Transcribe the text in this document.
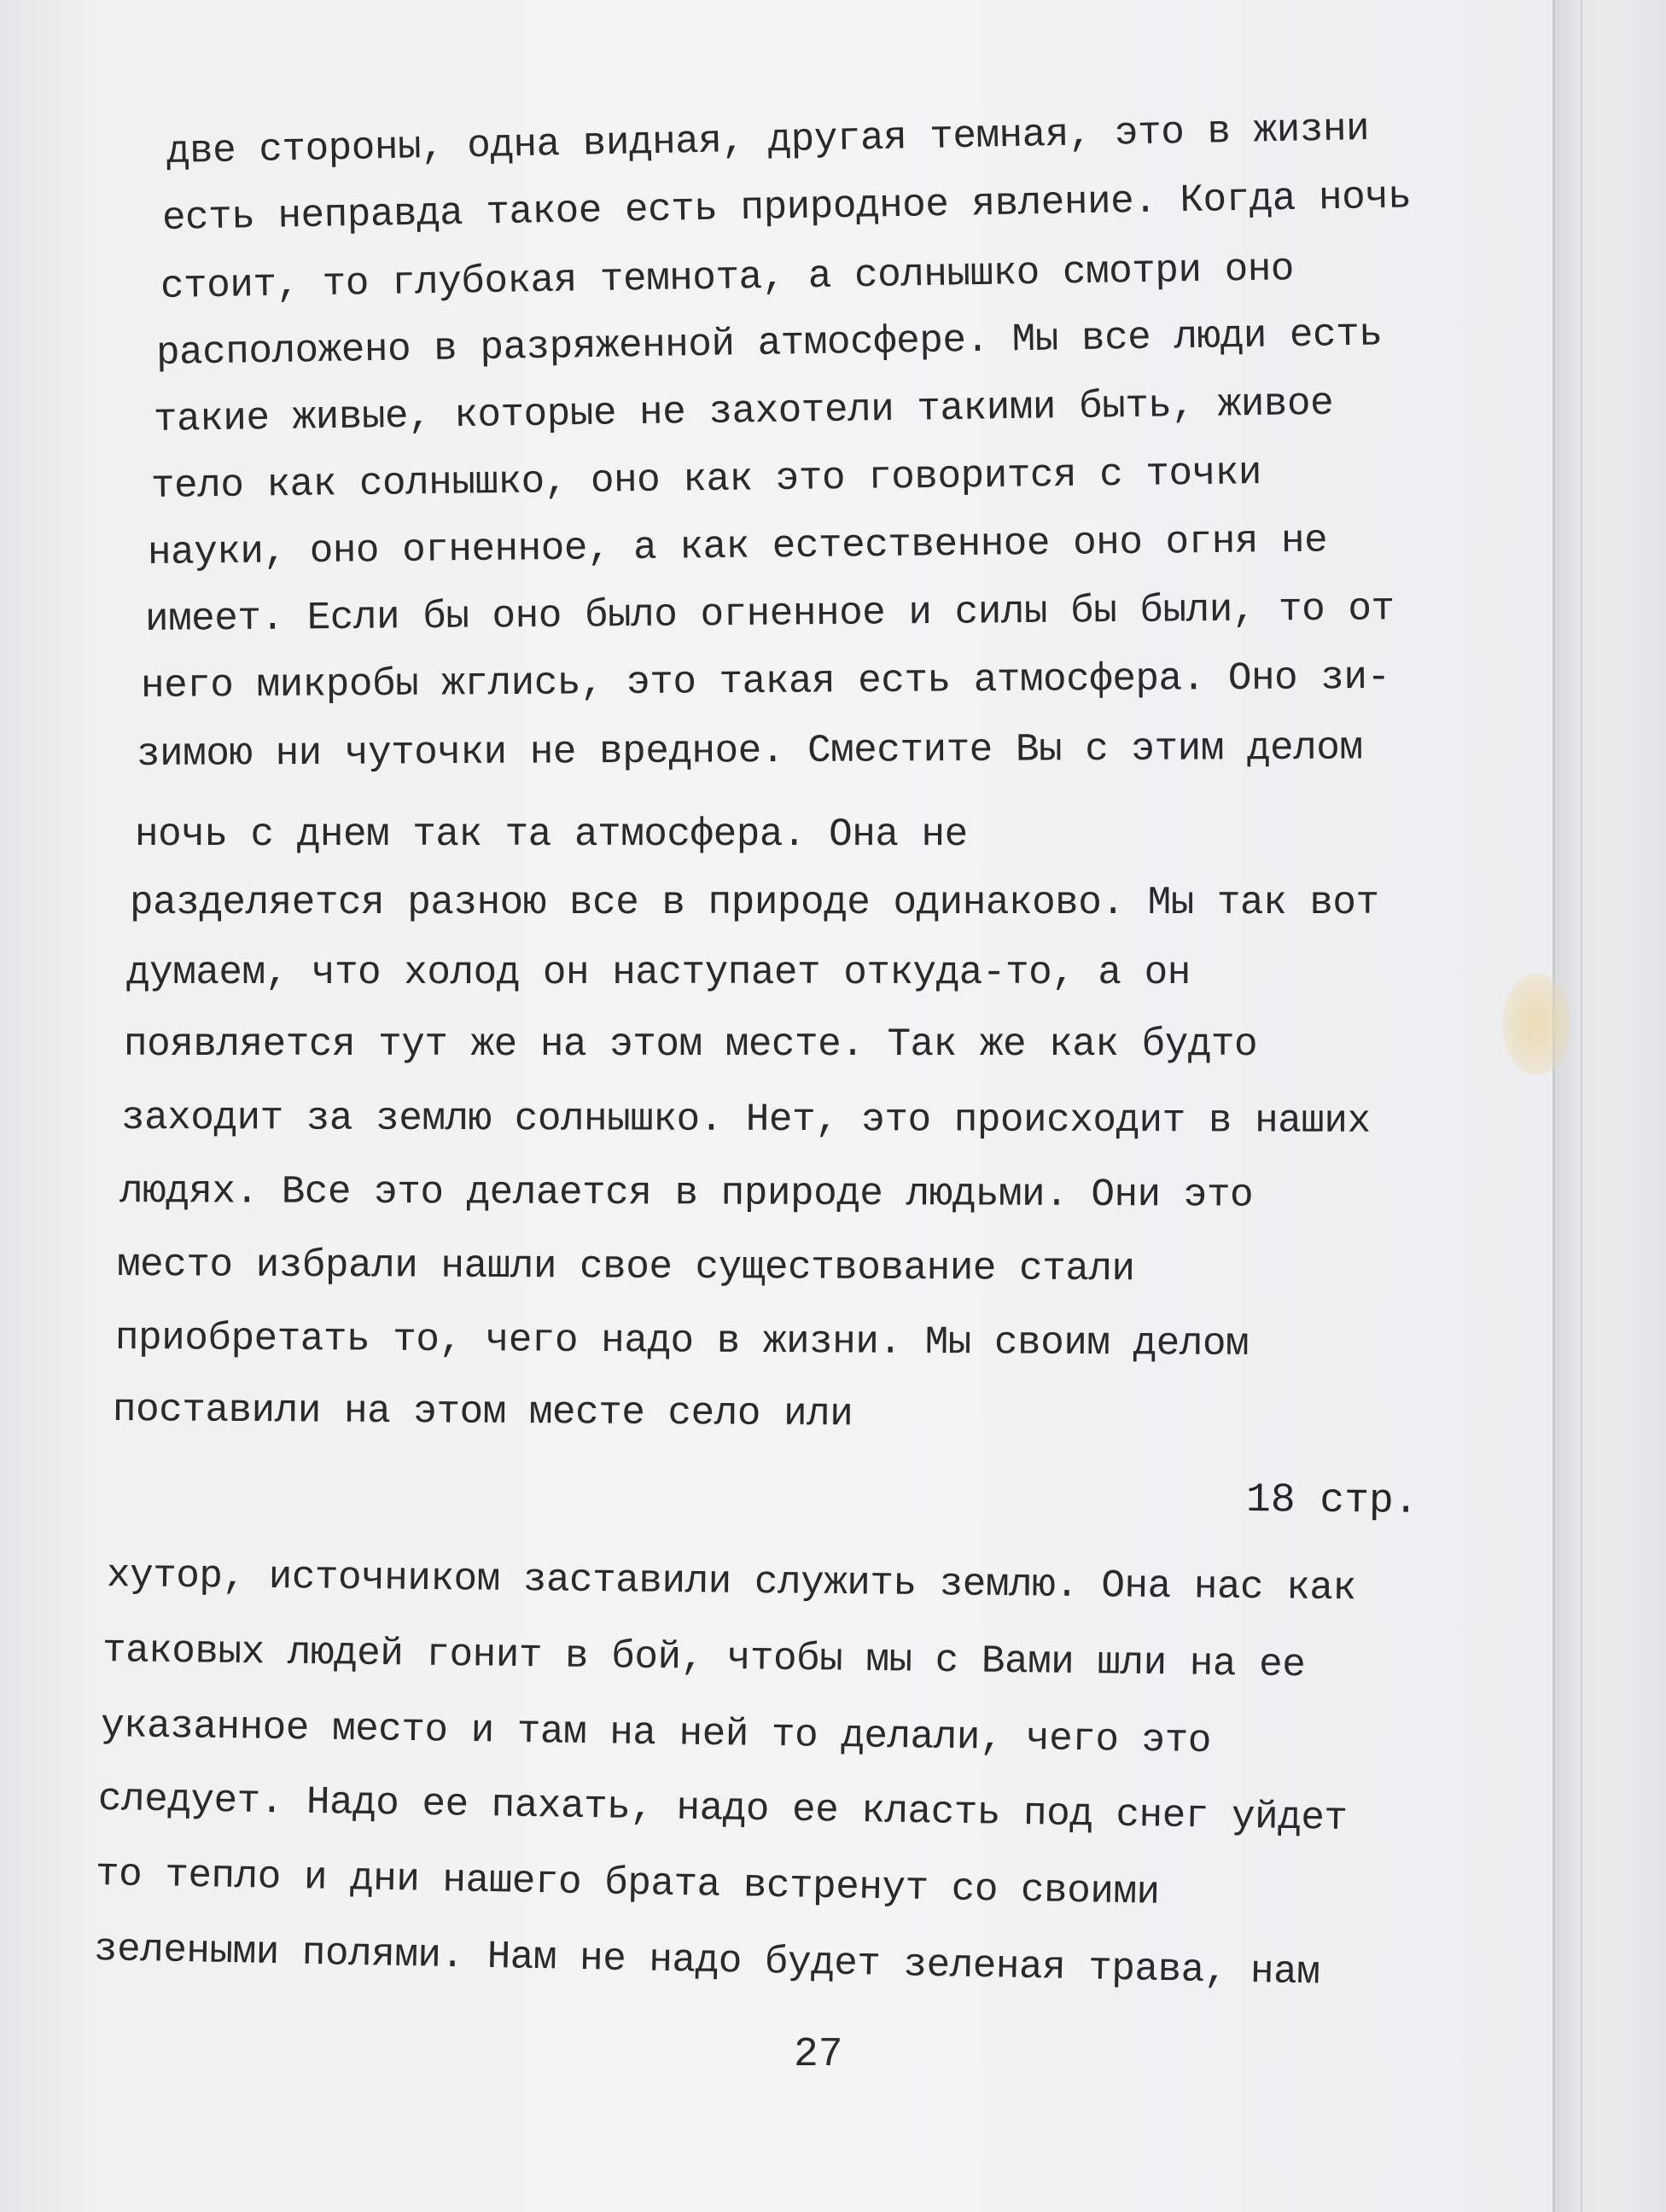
две стороны, одна видная, другая темная, это в жизни
есть неправда такое есть природное явление. Когда ночь
стоит, то глубокая темнота, а солнышко смотри оно
расположено в разряженной атмосфере. Мы все люди есть
такие живые, которые не захотели такими быть, живое
тело как солнышко, оно как это говорится с точки
науки, оно огненное, а как естественное оно огня не
имеет. Если бы оно было огненное и силы бы были, то от
него микробы жглись, это такая есть атмосфера. Оно зи-
зимою ни чуточки не вредное. Сместите Вы с этим делом
ночь с днем так та атмосфера. Она не
разделяется разною все в природе одинаково. Мы так вот
думаем, что холод он наступает откуда-то, а он
появляется тут же на этом месте. Так же как будто
заходит за землю солнышко. Нет, это происходит в наших
людях. Все это делается в природе людьми. Они это
место избрали нашли свое существование стали
приобретать то, чего надо в жизни. Мы своим делом
поставили на этом месте село или
18 стр.
хутор, источником заставили служить землю. Она нас как
таковых людей гонит в бой, чтобы мы с Вами шли на ее
указанное место и там на ней то делали, чего это
следует. Надо ее пахать, надо ее класть под снег уйдет
то тепло и дни нашего брата встренут со своими
зелеными полями. Нам не надо будет зеленая трава, нам
27
